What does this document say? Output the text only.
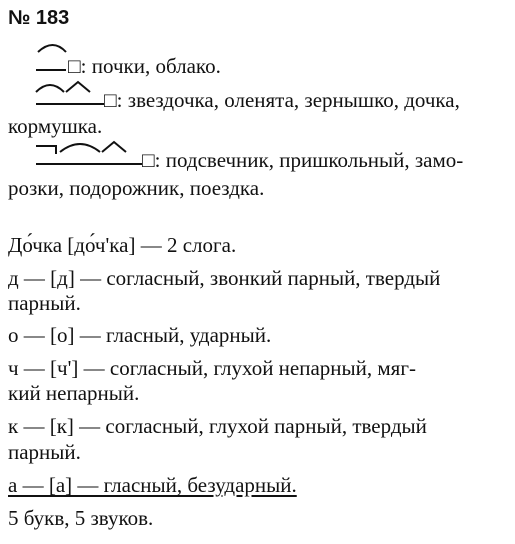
№ 183
□: почки, облако.
□: звездочка, оленята, зернышко, дочка,
кормушка.
□: подсвечник, пришкольный, замо-
розки, подорожник, поездка.
До́чка [до́ч'ка] — 2 слога.
д — [д] — согласный, звонкий парный, твердый
парный.
о — [о] — гласный, ударный.
ч — [ч'] — согласный, глухой непарный, мяг-
кий непарный.
к — [к] — согласный, глухой парный, твердый
парный.
а — [а] — гласный, безударный.
5 букв, 5 звуков.
